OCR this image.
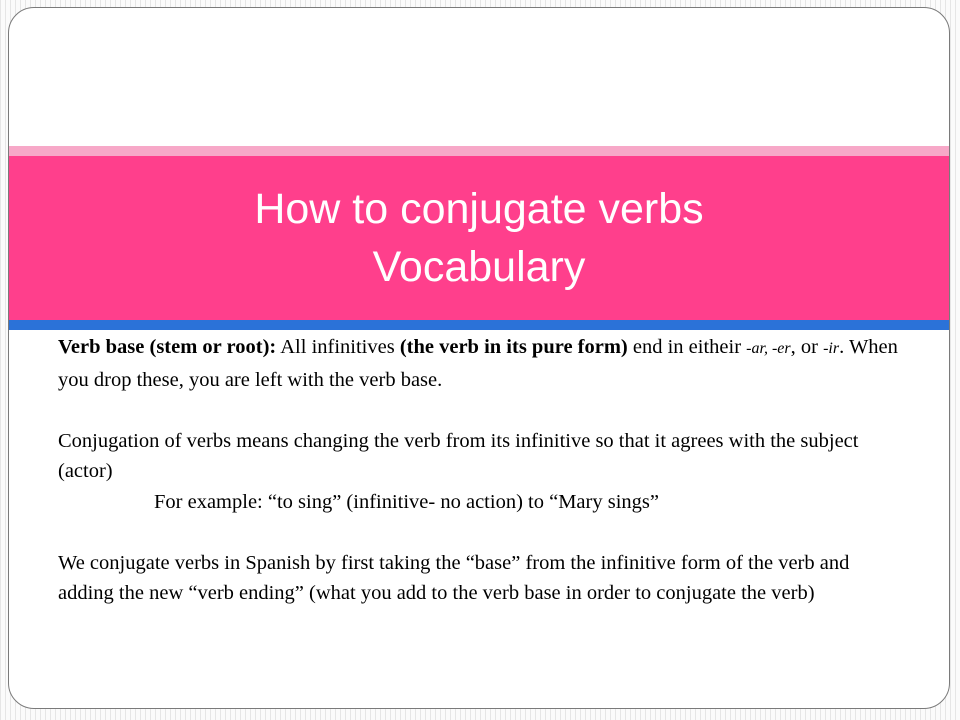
How to conjugate verbs
Vocabulary

Verb base (stem or root): All infinitives (the verb in its pure form) end in eitheir -ar, -er, or -ir. When you drop these, you are left with the verb base.

Conjugation of verbs means changing the verb from its infinitive so that it agrees with the subject (actor)

For example: “to sing” (infinitive- no action) to “Mary sings”

We conjugate verbs in Spanish by first taking the “base” from the infinitive form of the verb and adding the new “verb ending” (what you add to the verb base in order to conjugate the verb)
